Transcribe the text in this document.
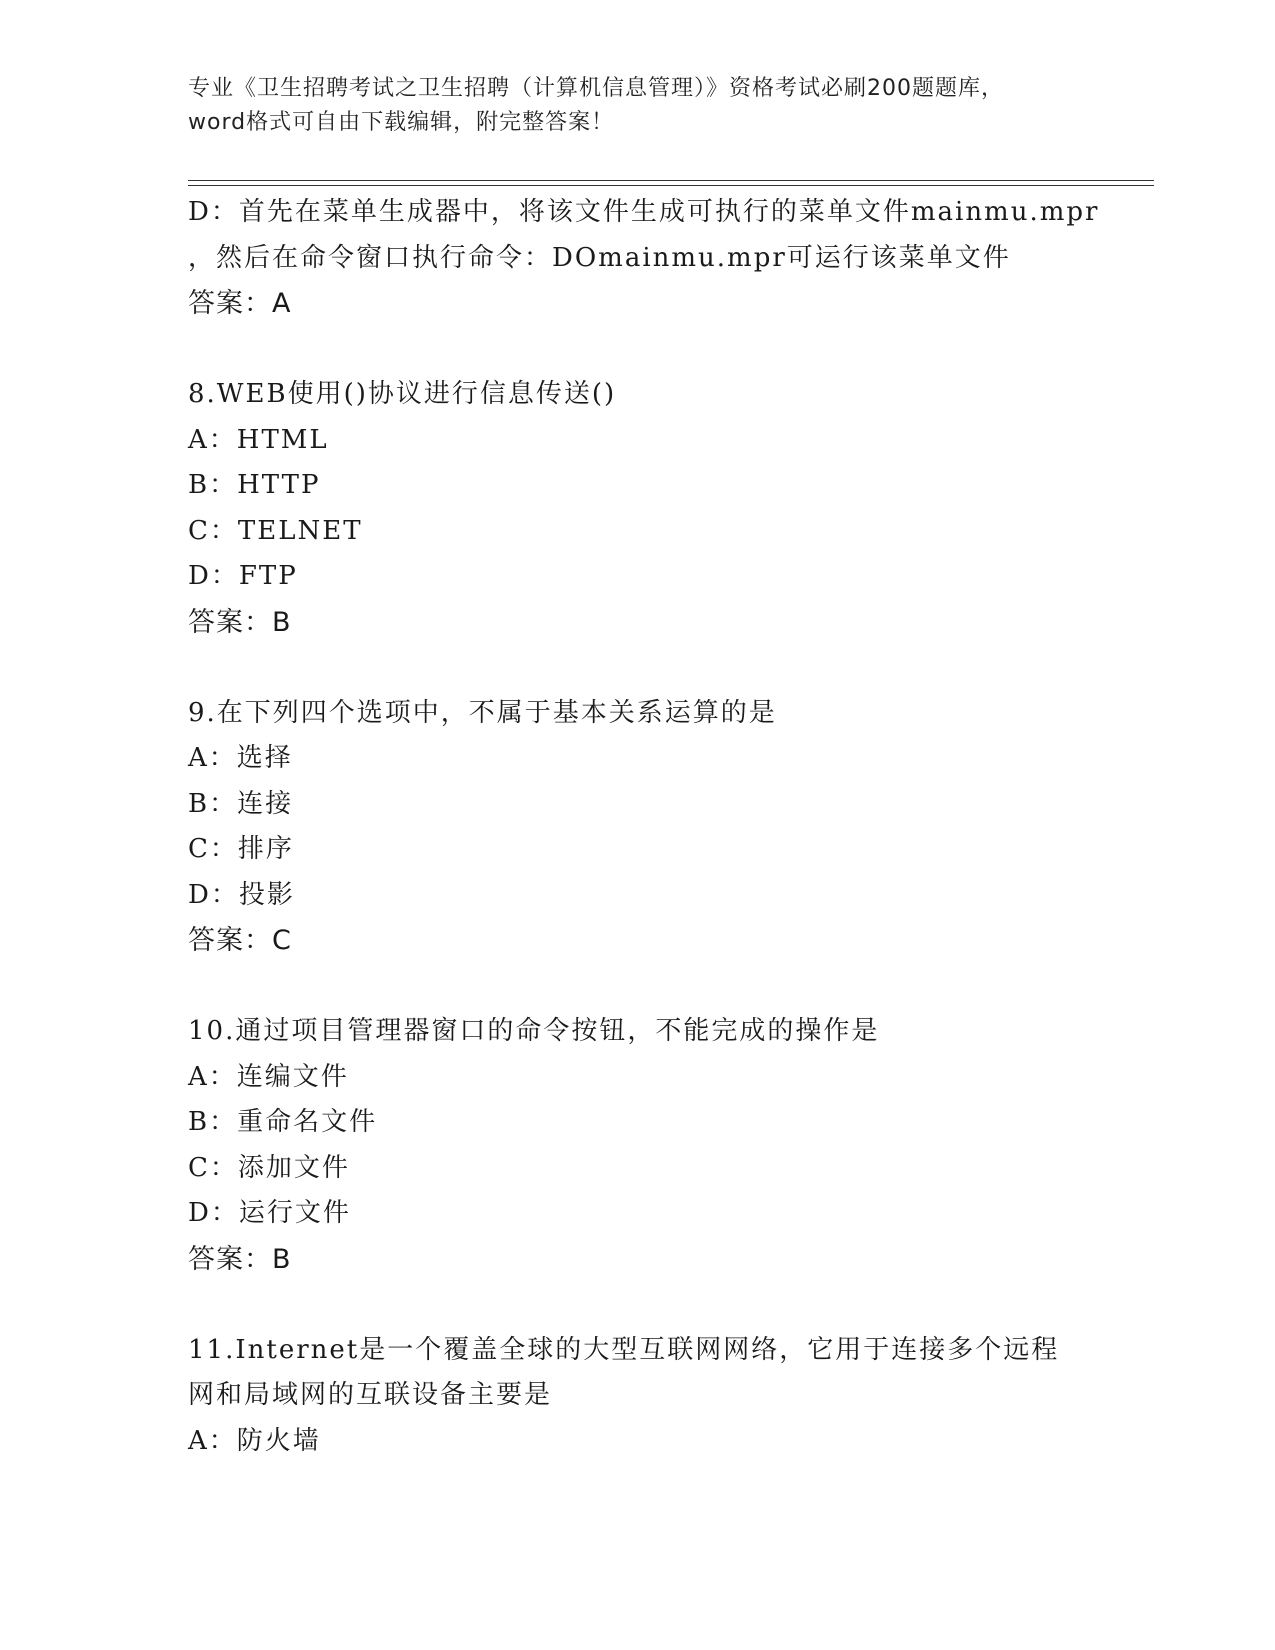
专业《卫生招聘考试之卫生招聘（计算机信息管理）》资格考试必刷200题题库，
word格式可自由下载编辑，附完整答案！
D：首先在菜单生成器中，将该文件生成可执行的菜单文件mainmu.mpr
，然后在命令窗口执行命令：DOmainmu.mpr可运行该菜单文件
答案：A
8.WEB使用()协议进行信息传送()
A：HTML
B：HTTP
C：TELNET
D：FTP
答案：B
9.在下列四个选项中，不属于基本关系运算的是
A：选择
B：连接
C：排序
D：投影
答案：C
10.通过项目管理器窗口的命令按钮，不能完成的操作是
A：连编文件
B：重命名文件
C：添加文件
D：运行文件
答案：B
11.Internet是一个覆盖全球的大型互联网网络，它用于连接多个远程
网和局域网的互联设备主要是
A：防火墙
